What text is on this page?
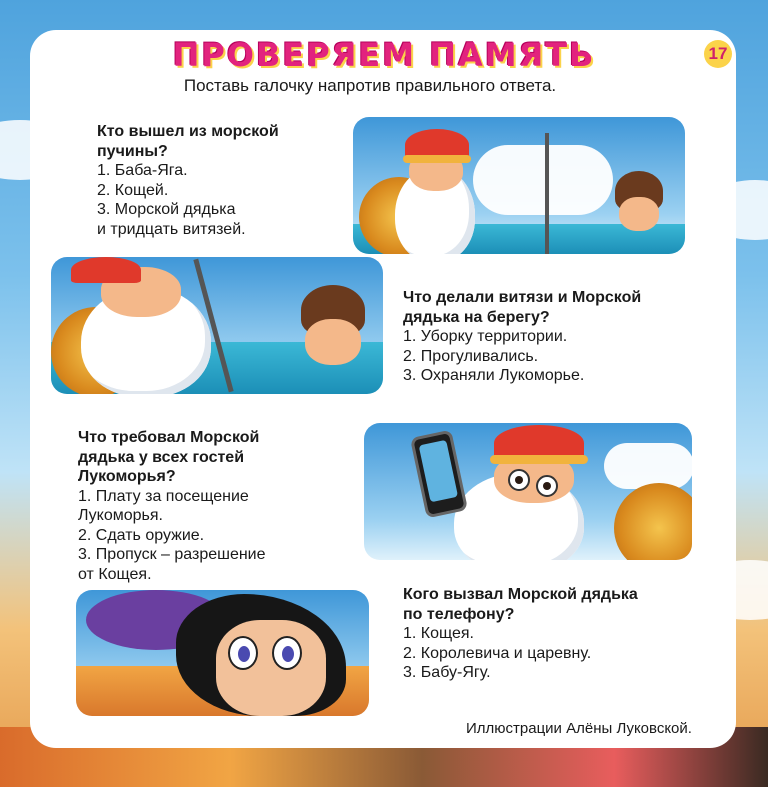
ПРОВЕРЯЕМ ПАМЯТЬ	17
Поставь галочку напротив правильного ответа.
Кто вышел из морской
пучины?
1. Баба-Яга.
2. Кощей.
3. Морской дядька
и тридцать витязей.
Что делали витязи и Морской
дядька на берегу?
1. Уборку территории.
2. Прогуливались.
3. Охраняли Лукоморье.
Что требовал Морской
дядька у всех гостей
Лукоморья?
1. Плату за посещение
Лукоморья.
2. Сдать оружие.
3. Пропуск – разрешение
от Кощея.
Кого вызвал Морской дядька
по телефону?
1. Кощея.
2. Королевича и царевну.
3. Бабу-Ягу.
Иллюстрации Алёны Луковской.
